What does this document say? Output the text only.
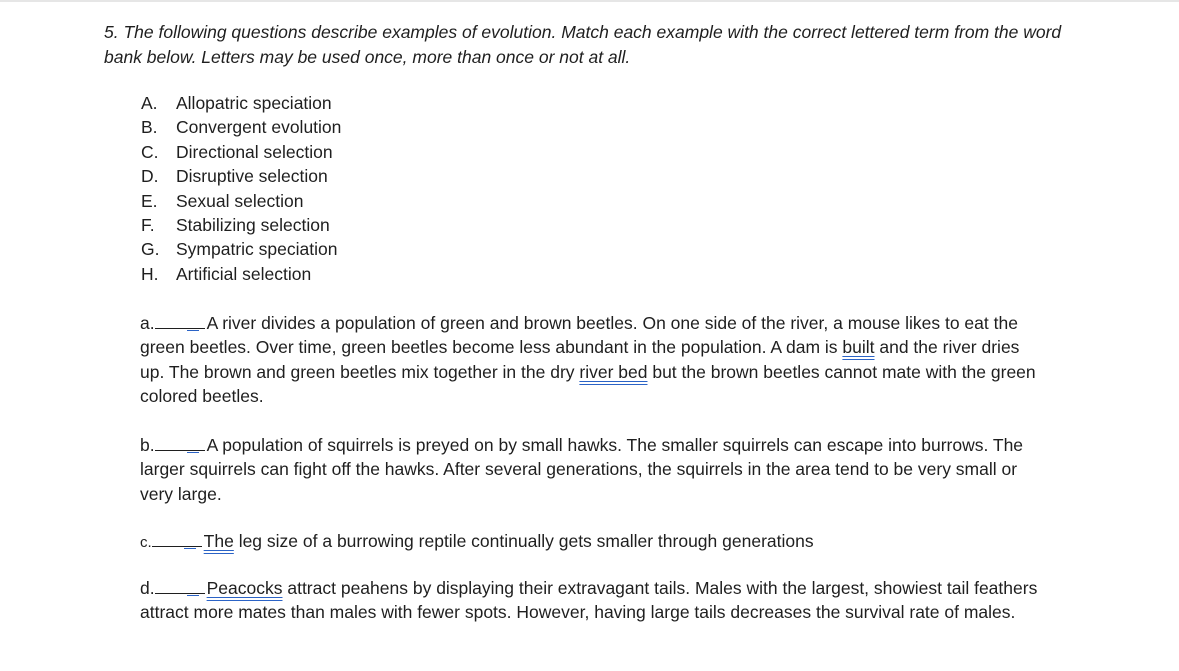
5. The following questions describe examples of evolution. Match each example with the correct lettered term from the word bank below. Letters may be used once, more than once or not at all.

A.	Allopatric speciation
B.	Convergent evolution
C.	Directional selection
D.	Disruptive selection
E.	Sexual selection
F.	Stabilizing selection
G. Sympatric speciation
H.	Artificial selection

a.	A river divides a population of green and brown beetles. On one side of the river, a mouse likes to eat the green beetles. Over time, green beetles become less abundant in the population. A dam is built and the river dries up. The brown and green beetles mix together in the dry river bed but the brown beetles cannot mate with the green colored beetles.

b.	A population of squirrels is preyed on by small hawks. The smaller squirrels can escape into burrows. The larger squirrels can fight off the hawks. After several generations, the squirrels in the area tend to be very small or very large.

c.	The leg size of a burrowing reptile continually gets smaller through generations

d.	Peacocks attract peahens by displaying their extravagant tails. Males with the largest, showiest tail feathers attract more mates than males with fewer spots. However, having large tails decreases the survival rate of males.
